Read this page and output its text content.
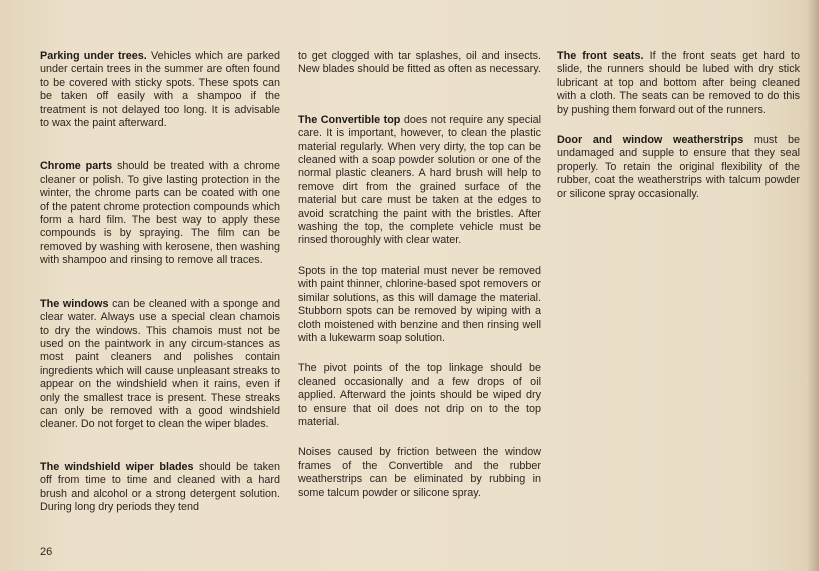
Parking under trees. Vehicles which are parked under certain trees in the summer are often found to be covered with sticky spots. These spots can be taken off easily with a shampoo if the treatment is not delayed too long. It is advisable to wax the paint afterward.

Chrome parts should be treated with a chrome cleaner or polish. To give lasting protection in the winter, the chrome parts can be coated with one of the patent chrome protection compounds which form a hard film. The best way to apply these compounds is by spraying. The film can be removed by washing with kerosene, then washing with shampoo and rinsing to remove all traces.

The windows can be cleaned with a sponge and clear water. Always use a special clean chamois to dry the windows. This chamois must not be used on the paintwork in any circum-stances as most paint cleaners and polishes contain ingredients which will cause unpleasant streaks to appear on the windshield when it rains, even if only the smallest trace is present. These streaks can only be removed with a good windshield cleaner. Do not forget to clean the wiper blades.

The windshield wiper blades should be taken off from time to time and cleaned with a hard brush and alcohol or a strong detergent solution. During long dry periods they tend

to get clogged with tar splashes, oil and insects. New blades should be fitted as often as necessary.

The Convertible top does not require any special care. It is important, however, to clean the plastic material regularly. When very dirty, the top can be cleaned with a soap powder solution or one of the normal plastic cleaners. A hard brush will help to remove dirt from the grained surface of the material but care must be taken at the edges to avoid scratching the paint with the bristles. After washing the top, the complete vehicle must be rinsed thoroughly with clear water.

Spots in the top material must never be removed with paint thinner, chlorine-based spot removers or similar solutions, as this will damage the material. Stubborn spots can be removed by wiping with a cloth moistened with benzine and then rinsing well with a lukewarm soap solution.

The pivot points of the top linkage should be cleaned occasionally and a few drops of oil applied. Afterward the joints should be wiped dry to ensure that oil does not drip on to the top material.

Noises caused by friction between the window frames of the Convertible and the rubber weatherstrips can be eliminated by rubbing in some talcum powder or silicone spray.

The front seats. If the front seats get hard to slide, the runners should be lubed with dry stick lubricant at top and bottom after being cleaned with a cloth. The seats can be removed to do this by pushing them forward out of the runners.

Door and window weatherstrips must be undamaged and supple to ensure that they seal properly. To retain the original flexibility of the rubber, coat the weatherstrips with talcum powder or silicone spray occasionally.

26
